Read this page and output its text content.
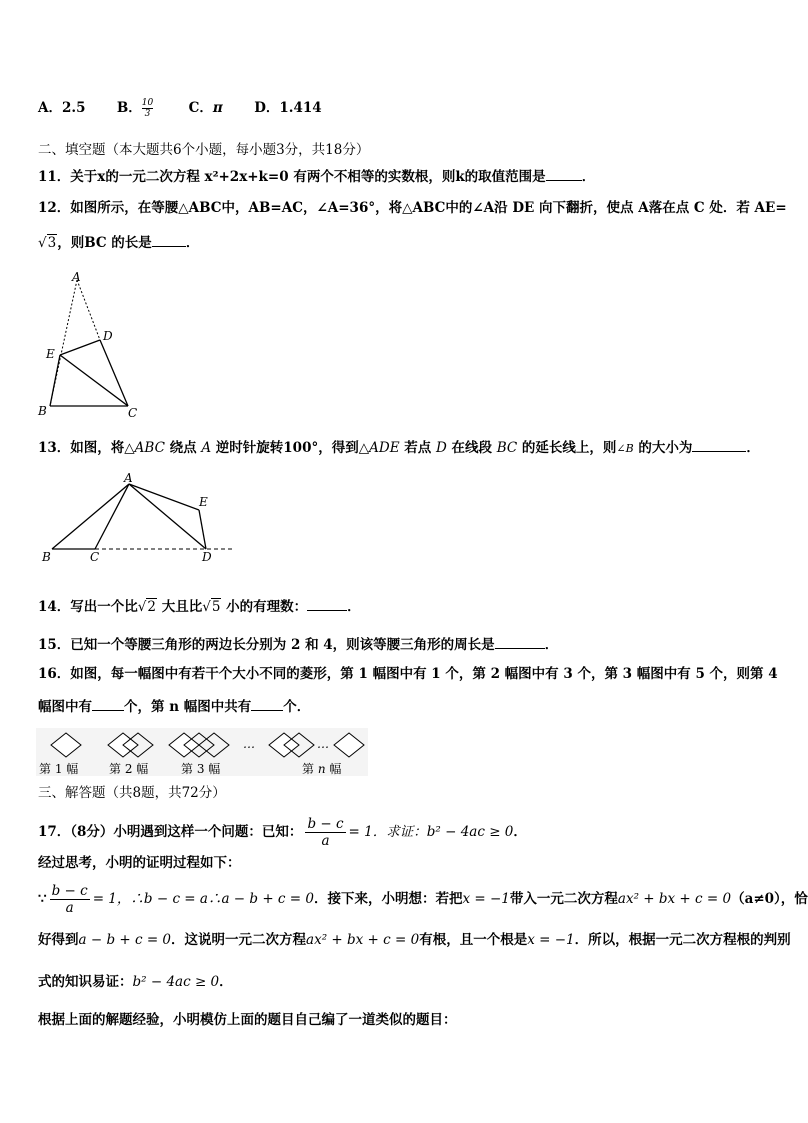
A．2.5 B． $\frac{10}{3}$	C．π D．1.414
二、填空题（本大题共6个小题，每小题3分，共18分）
11．关于x的一元二次方程 x²+2x+k=0 有两个不相等的实数根，则k的取值范围是	．
12．如图所示，在等腰△ABC中，AB=AC，∠A=36°，将△ABC中的∠A沿 DE 向下翻折，使点 A落在点 C 处．若 AE=
√3，则BC 的长是	．
A
D
E
B	C
13．如图，将△ABC 绕点 A 逆时针旋转100°，得到△ADE 若点 D 在线段 BC 的延长线上，则∠B 的大小为	．
A
E
B	C	D
14．写出一个比√2 大且比√5 小的有理数：	．
15．已知一个等腰三角形的两边长分别为 2 和 4，则该等腰三角形的周长是	．
16．如图，每一幅图中有若干个大小不同的菱形，第 1 幅图中有 1 个，第 2 幅图中有 3 个，第 3 幅图中有 5 个，则第 4
幅图中有 个，第 n 幅图中共有 个．
…	…
第 1 幅	第 2 幅	第 3 幅	第 n 幅
三、解答题（共8题，共72分）
17．（8分）小明遇到这样一个问题：已知： $\frac{b - c}{a} = 1$．求证：b² − 4ac ≥ 0．
经过思考，小明的证明过程如下：
∵ $\frac{b - c}{a} = 1$，∴b − c = a∴a − b + c = 0．接下来，小明想：若把x = −1带入一元二次方程ax² + bx + c = 0（a≠0），恰
好得到a − b + c = 0．这说明一元二次方程ax² + bx + c = 0有根，且一个根是x = −1．所以，根据一元二次方程根的判别
式的知识易证：b² − 4ac ≥ 0．
根据上面的解题经验，小明模仿上面的题目自己编了一道类似的题目：
